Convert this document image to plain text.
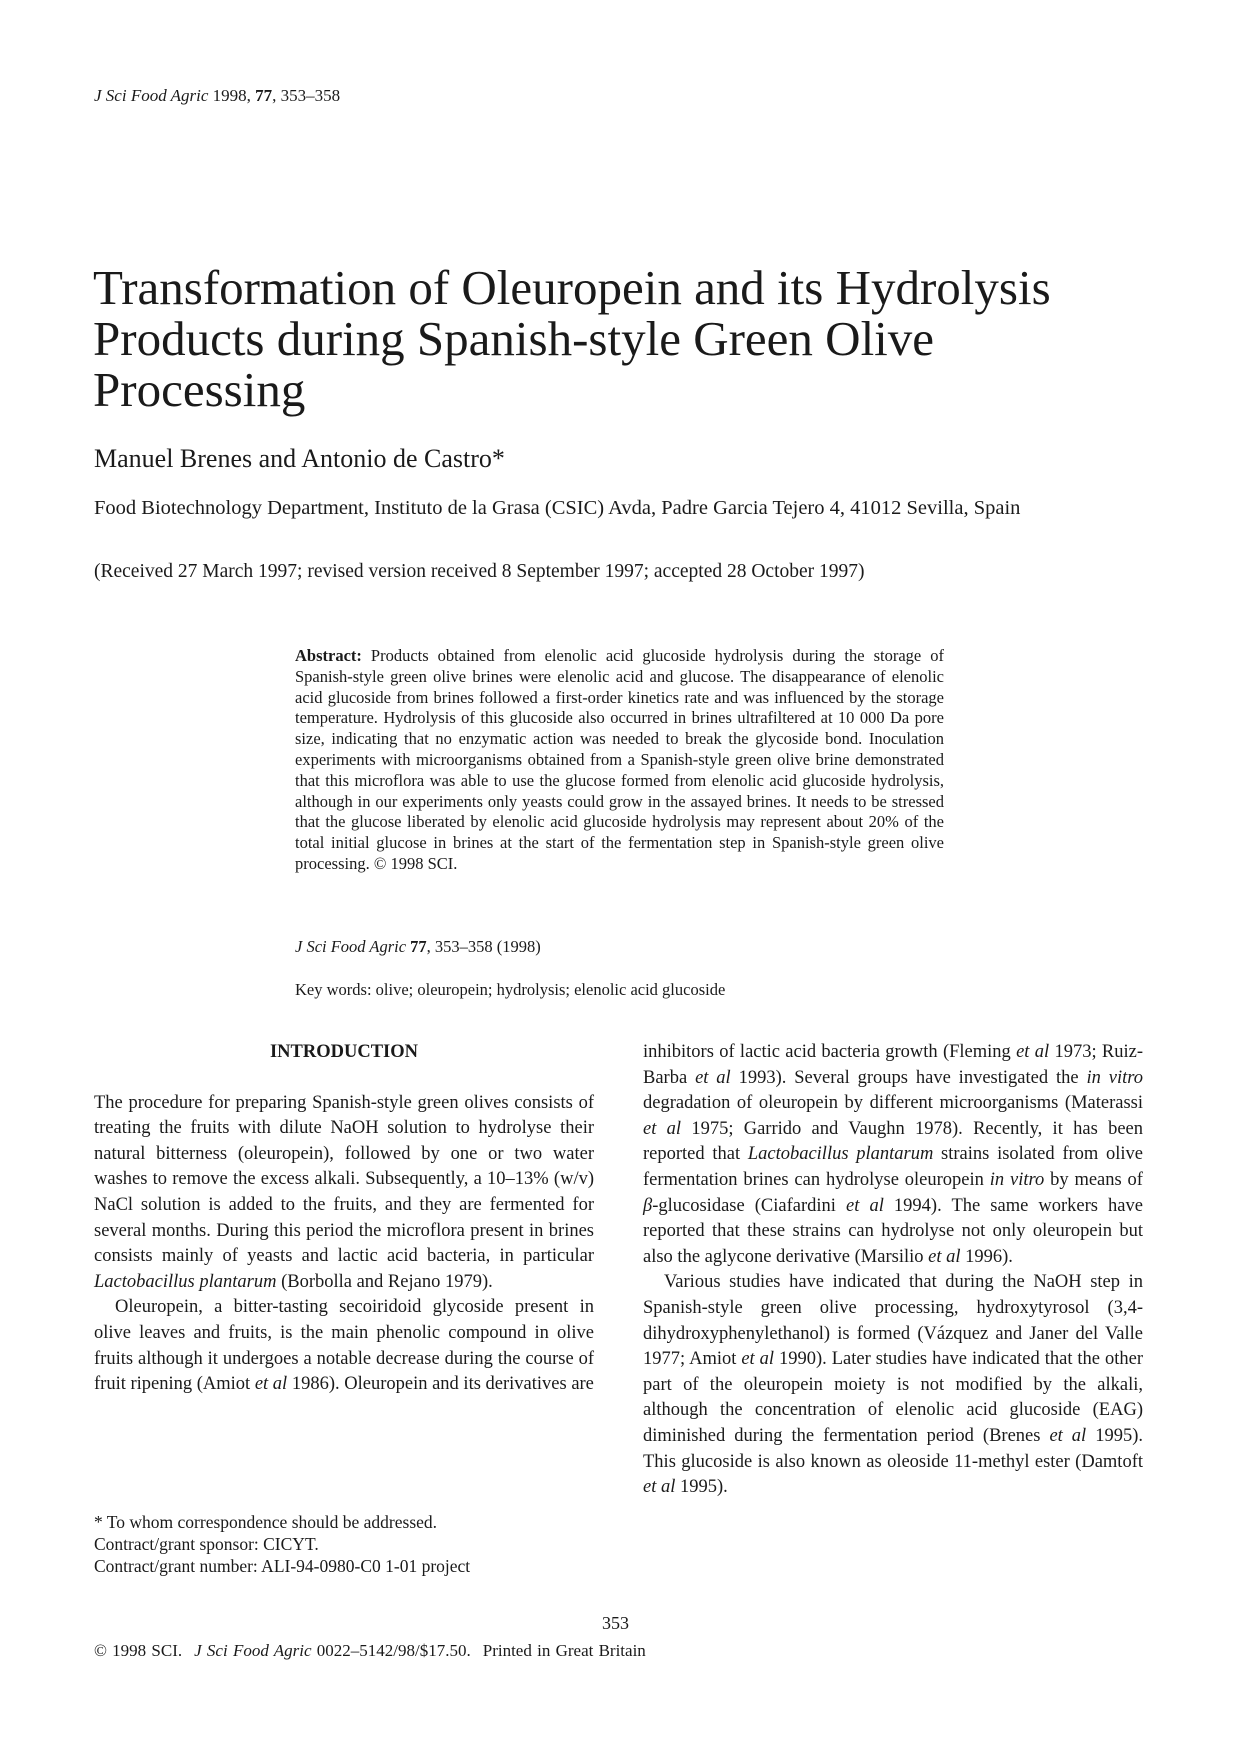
J Sci Food Agric 1998, 77, 353–358
Transformation of Oleuropein and its Hydrolysis Products during Spanish-style Green Olive Processing
Manuel Brenes and Antonio de Castro*
Food Biotechnology Department, Instituto de la Grasa (CSIC) Avda, Padre Garcia Tejero 4, 41012 Sevilla, Spain
(Received 27 March 1997; revised version received 8 September 1997; accepted 28 October 1997)
Abstract: Products obtained from elenolic acid glucoside hydrolysis during the storage of Spanish-style green olive brines were elenolic acid and glucose. The disappearance of elenolic acid glucoside from brines followed a first-order kinetics rate and was influenced by the storage temperature. Hydrolysis of this glucoside also occurred in brines ultrafiltered at 10 000 Da pore size, indicating that no enzymatic action was needed to break the glycoside bond. Inoculation experiments with microorganisms obtained from a Spanish-style green olive brine demonstrated that this microflora was able to use the glucose formed from elenolic acid glucoside hydrolysis, although in our experiments only yeasts could grow in the assayed brines. It needs to be stressed that the glucose liberated by elenolic acid glucoside hydrolysis may represent about 20% of the total initial glucose in brines at the start of the fermentation step in Spanish-style green olive processing. © 1998 SCI.
J Sci Food Agric 77, 353–358 (1998)
Key words: olive; oleuropein; hydrolysis; elenolic acid glucoside
INTRODUCTION

The procedure for preparing Spanish-style green olives consists of treating the fruits with dilute NaOH solution to hydrolyse their natural bitterness (oleuropein), followed by one or two water washes to remove the excess alkali. Subsequently, a 10–13% (w/v) NaCl solution is added to the fruits, and they are fermented for several months. During this period the microflora present in brines consists mainly of yeasts and lactic acid bacteria, in particular Lactobacillus plantarum (Borbolla and Rejano 1979).

Oleuropein, a bitter-tasting secoiridoid glycoside present in olive leaves and fruits, is the main phenolic compound in olive fruits although it undergoes a notable decrease during the course of fruit ripening (Amiot et al 1986). Oleuropein and its derivatives are

inhibitors of lactic acid bacteria growth (Fleming et al 1973; Ruiz-Barba et al 1993). Several groups have investigated the in vitro degradation of oleuropein by different microorganisms (Materassi et al 1975; Garrido and Vaughn 1978). Recently, it has been reported that Lactobacillus plantarum strains isolated from olive fermentation brines can hydrolyse oleuropein in vitro by means of β-glucosidase (Ciafardini et al 1994). The same workers have reported that these strains can hydrolyse not only oleuropein but also the aglycone derivative (Marsilio et al 1996).

Various studies have indicated that during the NaOH step in Spanish-style green olive processing, hydroxytyrosol (3,4-dihydroxyphenylethanol) is formed (Vázquez and Janer del Valle 1977; Amiot et al 1990). Later studies have indicated that the other part of the oleuropein moiety is not modified by the alkali, although the concentration of elenolic acid glucoside (EAG) diminished during the fermentation period (Brenes et al 1995). This glucoside is also known as oleoside 11-methyl ester (Damtoft et al 1995).

* To whom correspondence should be addressed.
Contract/grant sponsor: CICYT.
Contract/grant number: ALI-94-0980-C0 1-01 project
353
© 1998 SCI. J Sci Food Agric 0022–5142/98/$17.50. Printed in Great Britain
